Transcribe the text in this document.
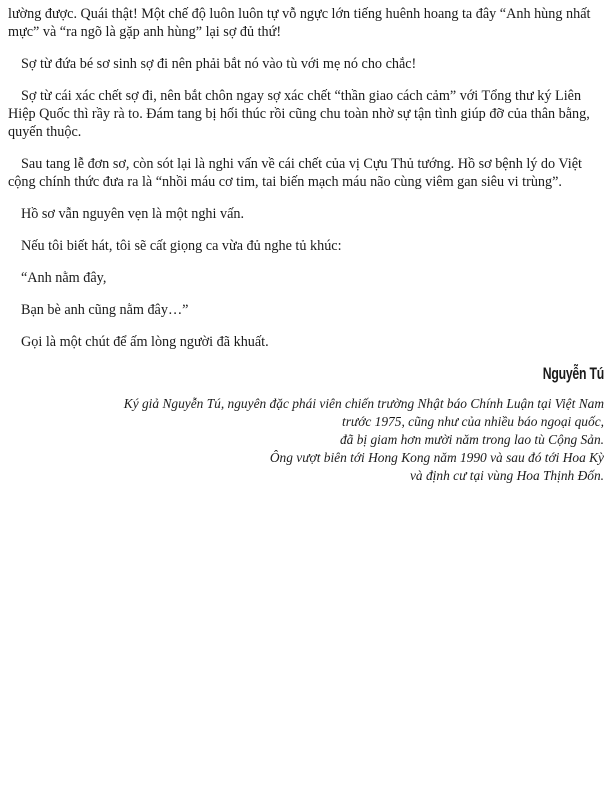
lường được. Quái thật! Một chế độ luôn luôn tự vỗ ngực lớn tiếng huênh hoang ta đây “Anh hùng nhất mực” và “ra ngõ là gặp anh hùng” lại sợ đủ thứ!

Sợ từ đứa bé sơ sinh sợ đi nên phải bắt nó vào tù với mẹ nó cho chắc!

Sợ từ cái xác chết sợ đi, nên bắt chôn ngay sợ xác chết “thần giao cách cảm” với Tổng thư ký Liên Hiệp Quốc thì rầy rà to. Đám tang bị hối thúc rồi cũng chu toàn nhờ sự tận tình giúp đỡ của thân bằng, quyến thuộc.

Sau tang lễ đơn sơ, còn sót lại là nghi vấn về cái chết của vị Cựu Thủ tướng. Hồ sơ bệnh lý do Việt cộng chính thức đưa ra là “nhồi máu cơ tim, tai biến mạch máu não cùng viêm gan siêu vi trùng”.

Hồ sơ vẫn nguyên vẹn là một nghi vấn.

Nếu tôi biết hát, tôi sẽ cất giọng ca vừa đủ nghe tủ khúc:

“Anh nằm đây,

Bạn bè anh cũng nằm đây…”

Gọi là một chút để ấm lòng người đã khuất.

Nguyễn Tú
Ký giả Nguyễn Tú, nguyên đặc phái viên chiến trường Nhật báo Chính Luận tại Việt Nam
trước 1975, cũng như của nhiều báo ngoại quốc,
đã bị giam hơn mười năm trong lao tù Cộng Sản.
Ông vượt biên tới Hong Kong năm 1990 và sau đó tới Hoa Kỳ
và định cư tại vùng Hoa Thịnh Đốn.
